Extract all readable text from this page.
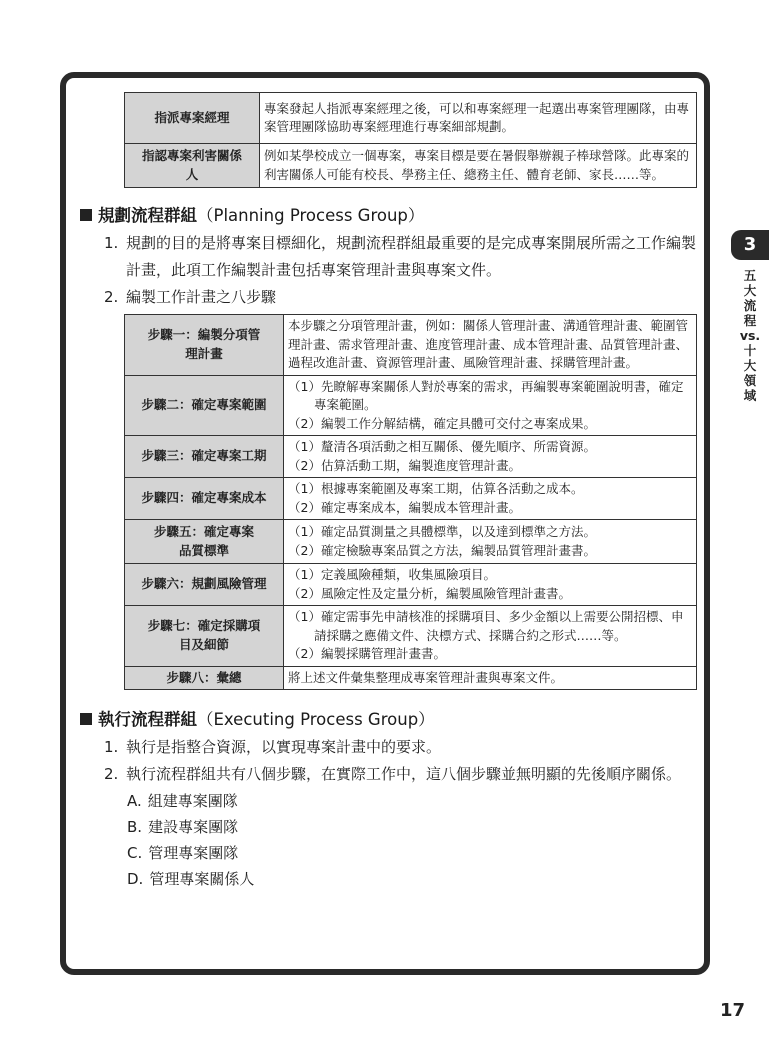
指派專案經理	專案發起人指派專案經理之後，可以和專案經理一起選出專案管理團隊，由專案管理團隊協助專案經理進行專案細部規劃。
指認專案利害關係人	例如某學校成立一個專案，專案目標是要在暑假舉辦親子棒球營隊。此專案的利害關係人可能有校長、學務主任、總務主任、體育老師、家長……等。
規劃流程群組（Planning Process Group）
1. 規劃的目的是將專案目標細化，規劃流程群組最重要的是完成專案開展所需之工作編製計畫，此項工作編製計畫包括專案管理計畫與專案文件。
2. 編製工作計畫之八步驟
步驟一：編製分項管理計畫	本步驟之分項管理計畫，例如：關係人管理計畫、溝通管理計畫、範圍管理計畫、需求管理計畫、進度管理計畫、成本管理計畫、品質管理計畫、過程改進計畫、資源管理計畫、風險管理計畫、採購管理計畫。
步驟二：確定專案範圍	（1）先瞭解專案關係人對於專案的需求，再編製專案範圍說明書，確定專案範圍。
（2）編製工作分解結構，確定具體可交付之專案成果。

步驟三：確定專案工期	（1）釐清各項活動之相互關係、優先順序、所需資源。
（2）估算活動工期，編製進度管理計畫。

步驟四：確定專案成本	（1）根據專案範圍及專案工期，估算各活動之成本。
（2）確定專案成本，編製成本管理計畫。

步驟五：確定專案品質標準	（1）確定品質測量之具體標準，以及達到標準之方法。
（2）確定檢驗專案品質之方法，編製品質管理計畫書。

步驟六：規劃風險管理	（1）定義風險種類，收集風險項目。
（2）風險定性及定量分析，編製風險管理計畫書。

步驟七：確定採購項目及細節	（1）確定需事先申請核准的採購項目、多少金額以上需要公開招標、申請採購之應備文件、決標方式、採購合約之形式……等。
（2）編製採購管理計畫書。

步驟八：彙總	將上述文件彙集整理成專案管理計畫與專案文件。
執行流程群組（Executing Process Group）
1. 執行是指整合資源，以實現專案計畫中的要求。
2. 執行流程群組共有八個步驟，在實際工作中，這八個步驟並無明顯的先後順序關係。
A. 組建專案團隊
B. 建設專案團隊
C. 管理專案團隊
D. 管理專案關係人
3
五
大
流
程
vs.
十
大
領
域
17
